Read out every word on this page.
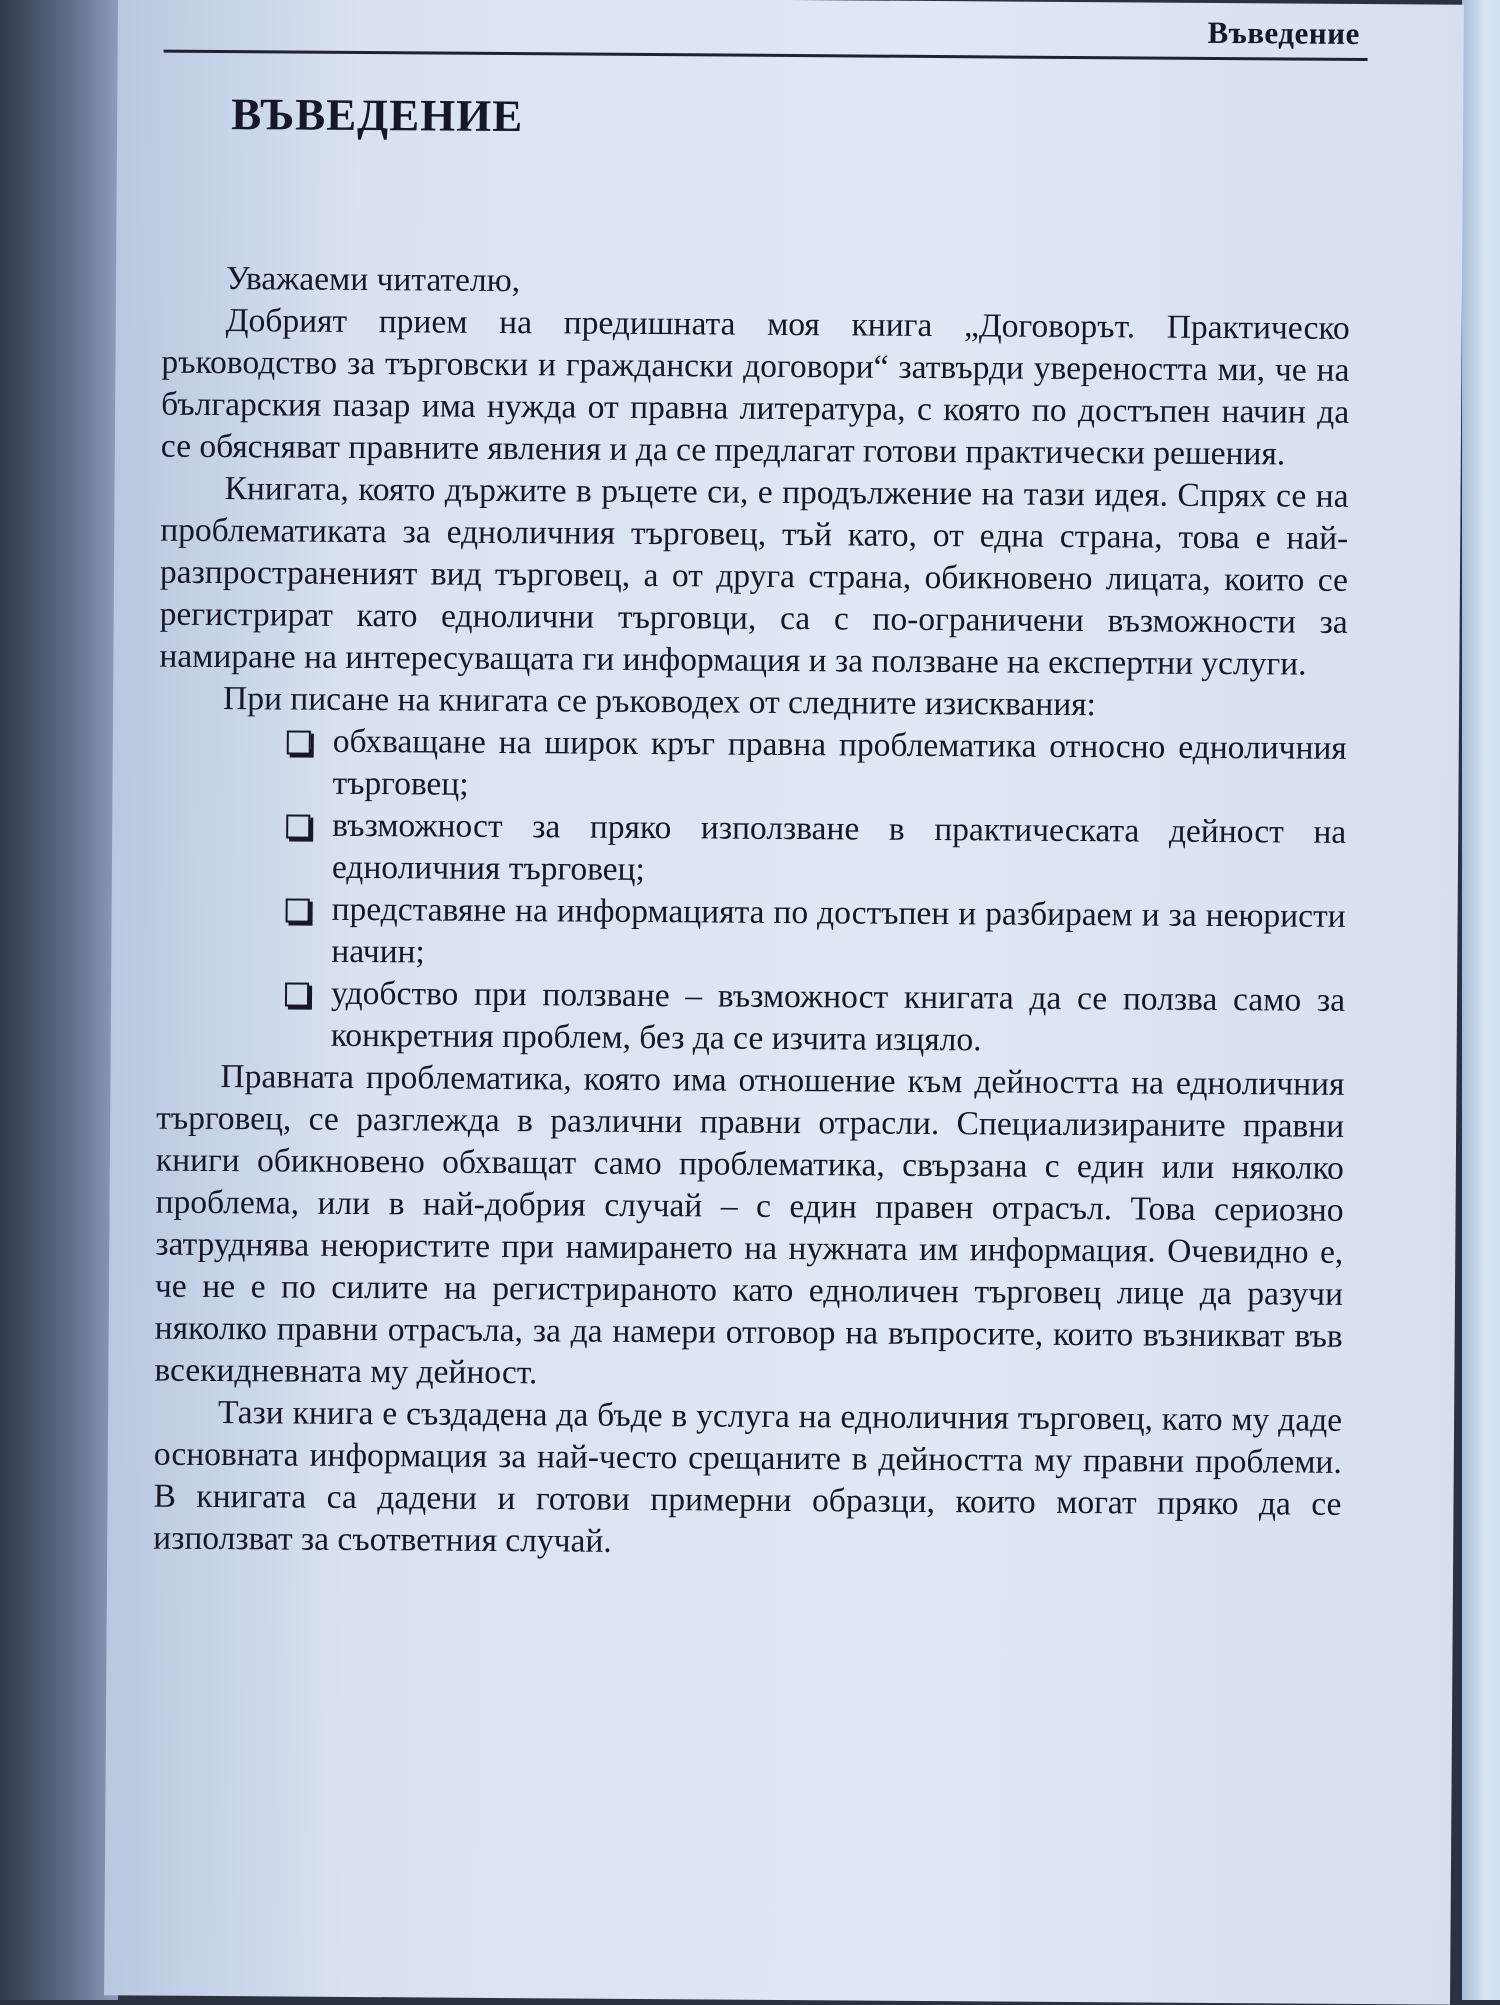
Въведение
ВЪВЕДЕНИЕ

Уважаеми читателю,

Добрият прием на предишната моя книга „Договорът. Практическо ръководство за търговски и граждански договори“ затвърди увереността ми, че на българския пазар има нужда от правна литература, с която по достъпен начин да се обясняват правните явления и да се предлагат готови практически решения.

Книгата, която държите в ръцете си, е продължение на тази идея. Спрях се на проблематиката за едноличния търговец, тъй като, от една страна, това е най-разпространеният вид търговец, а от друга страна, обикновено лицата, които се регистрират като еднолични търговци, са с по-ограничени възможности за намиране на интересуващата ги информация и за ползване на експертни услуги.

При писане на книгата се ръководех от следните изисквания:

обхващане на широк кръг правна проблематика относно едноличния търговец;
възможност за пряко използване в практическата дейност на едноличния търговец;
представяне на информацията по достъпен и разбираем и за неюристи начин;
удобство при ползване – възможност книгата да се ползва само за конкретния проблем, без да се изчита изцяло.

Правната проблематика, която има отношение към дейността на едноличния търговец, се разглежда в различни правни отрасли. Специализираните правни книги обикновено обхващат само проблематика, свързана с един или няколко проблема, или в най-добрия случай – с един правен отрасъл. Това сериозно затруднява неюристите при намирането на нужната им информация. Очевидно е, че не е по силите на регистрираното като едноличен търговец лице да разучи няколко правни отрасъла, за да намери отговор на въпросите, които възникват във всекидневната му дейност.

Тази книга е създадена да бъде в услуга на едноличния търговец, като му даде основната информация за най-често срещаните в дейността му правни проблеми. В книгата са дадени и готови примерни образци, които могат пряко да се използват за съответния случай.
